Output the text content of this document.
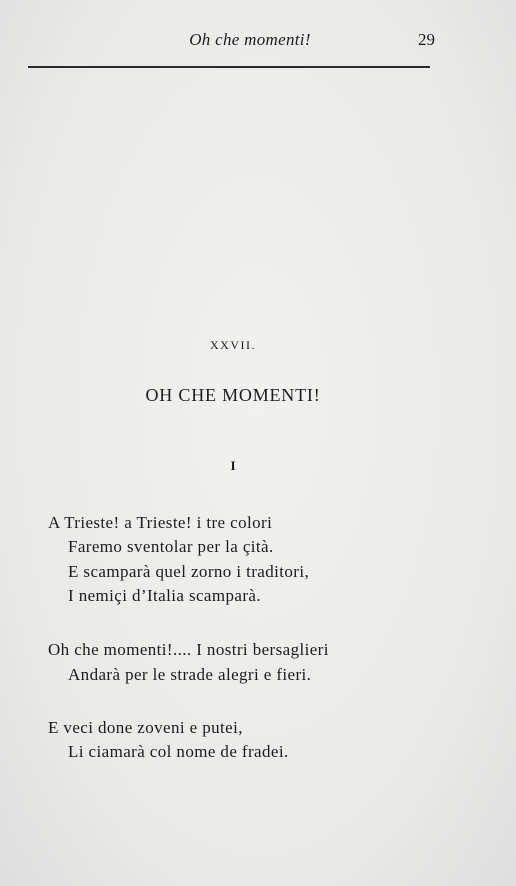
Oh che momenti!	29
XXVII.
OH CHE MOMENTI!
I
A Trieste! a Trieste! i tre colori
Faremo sventolar per la çità.
E scamparà quel zorno i traditori,
I nemiçi d’Italia scamparà.
Oh che momenti!.... I nostri bersaglieri
Andarà per le strade alegri e fieri.
E veci done zoveni e putei,
Li ciamarà col nome de fradei.
